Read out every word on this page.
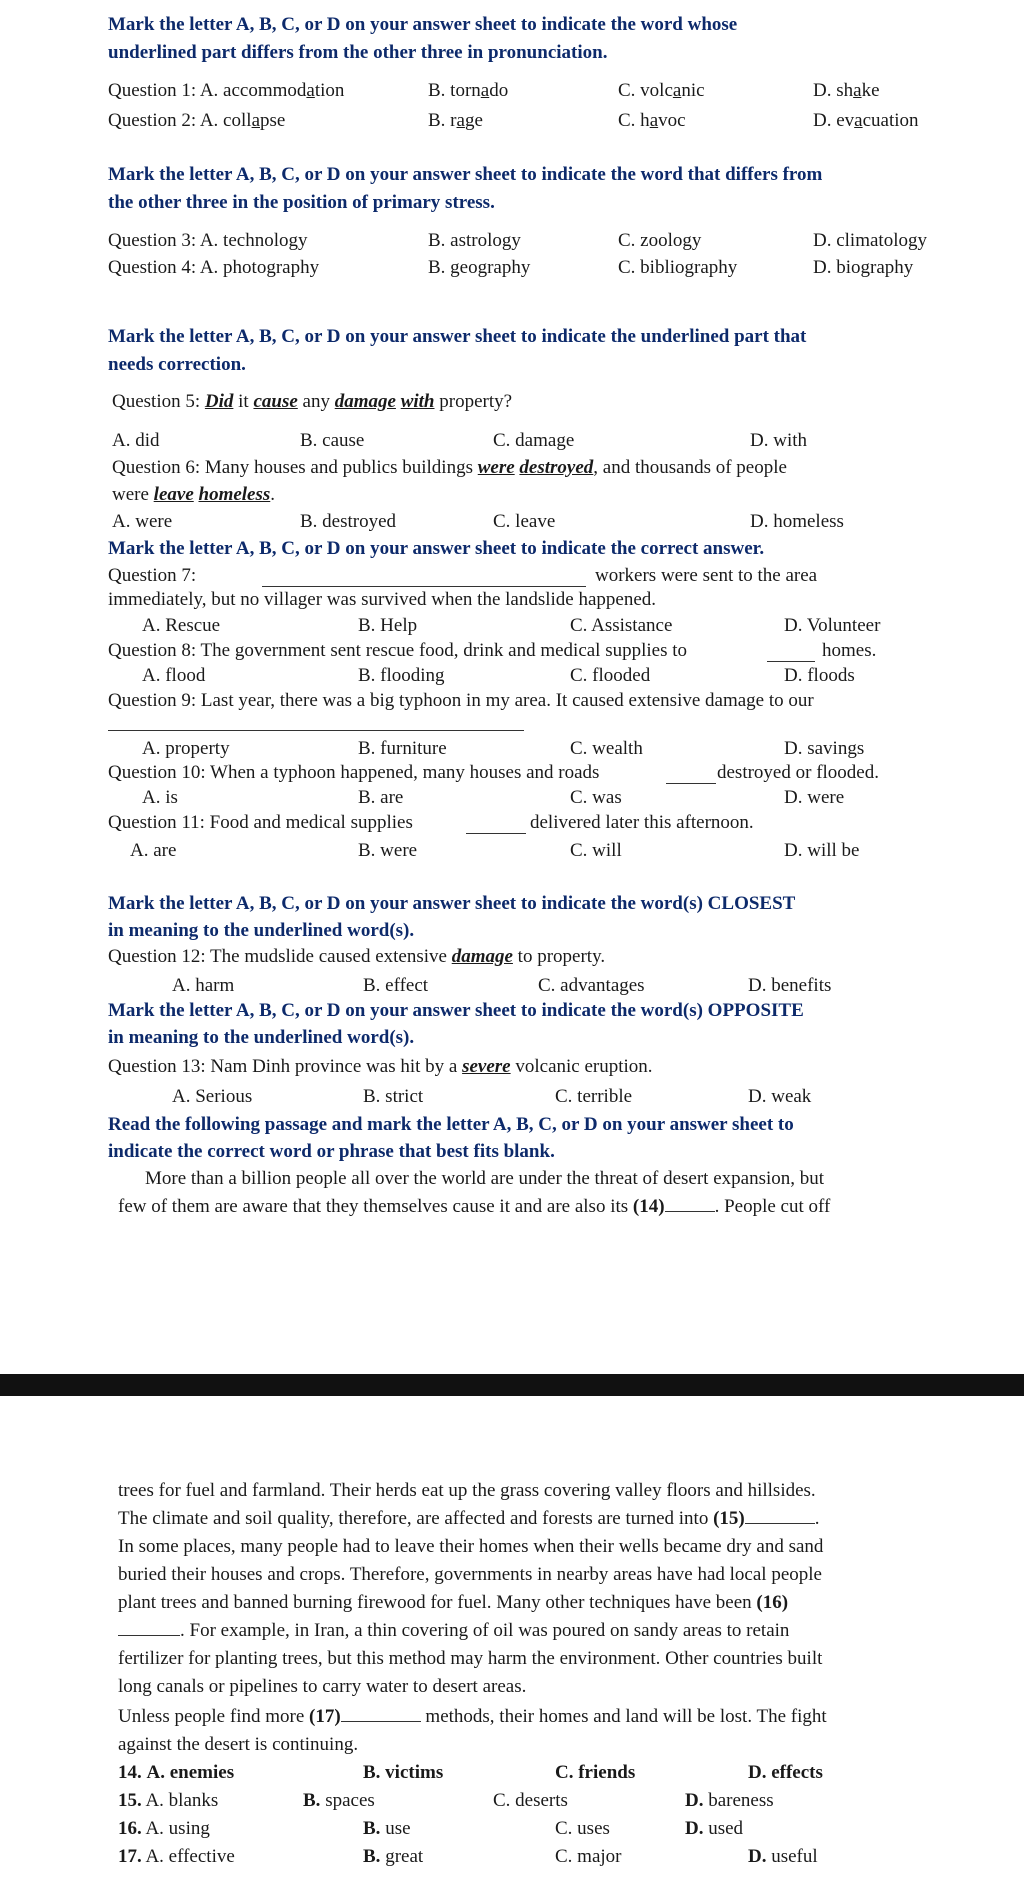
Mark the letter A, B, C, or D on your answer sheet to indicate the word whose
underlined part differs from the other three in pronunciation.
Question 1: A. accommodation	B. tornado	C. volcanic	D. shake
Question 2: A. collapse	B. rage	C. havoc	D. evacuation
Mark the letter A, B, C, or D on your answer sheet to indicate the word that differs from
the other three in the position of primary stress.
Question 3: A. technology	B. astrology	C. zoology	D. climatology
Question 4: A. photography	B. geography	C. bibliography	D. biography
Mark the letter A, B, C, or D on your answer sheet to indicate the underlined part that
needs correction.
Question 5: Did it cause any damage with property?
A. did	B. cause	C. damage	D. with
Question 6: Many houses and publics buildings were destroyed, and thousands of people
were leave homeless.
A. were	B. destroyed	C. leave	D. homeless
Mark the letter A, B, C, or D on your answer sheet to indicate the correct answer.
Question 7:	workers were sent to the area
immediately, but no villager was survived when the landslide happened.
A. Rescue	B. Help	C. Assistance	D. Volunteer
Question 8: The government sent rescue food, drink and medical supplies to	homes.
A. flood	B. flooding	C. flooded	D. floods
Question 9: Last year, there was a big typhoon in my area. It caused extensive damage to our
A. property	B. furniture	C. wealth	D. savings
Question 10: When a typhoon happened, many houses and roads	destroyed or flooded.
A. is	B. are	C. was	D. were
Question 11: Food and medical supplies	delivered later this afternoon.
A. are	B. were	C. will	D. will be
Mark the letter A, B, C, or D on your answer sheet to indicate the word(s) CLOSEST
in meaning to the underlined word(s).
Question 12: The mudslide caused extensive damage to property.
A. harm	B. effect	C. advantages	D. benefits
Mark the letter A, B, C, or D on your answer sheet to indicate the word(s) OPPOSITE
in meaning to the underlined word(s).
Question 13: Nam Dinh province was hit by a severe volcanic eruption.
A. Serious	B. strict	C. terrible	D. weak
Read the following passage and mark the letter A, B, C, or D on your answer sheet to
indicate the correct word or phrase that best fits blank.
More than a billion people all over the world are under the threat of desert expansion, but
few of them are aware that they themselves cause it and are also its (14)	. People cut off
trees for fuel and farmland. Their herds eat up the grass covering valley floors and hillsides.
The climate and soil quality, therefore, are affected and forests are turned into (15)	.
In some places, many people had to leave their homes when their wells became dry and sand
buried their houses and crops. Therefore, governments in nearby areas have had local people
plant trees and banned burning firewood for fuel. Many other techniques have been (16)
. For example, in Iran, a thin covering of oil was poured on sandy areas to retain
fertilizer for planting trees, but this method may harm the environment. Other countries built
long canals or pipelines to carry water to desert areas.
Unless people find more (17)	methods, their homes and land will be lost. The fight
against the desert is continuing.
14. A. enemies	B. victims	C. friends	D. effects
15. A. blanks	B. spaces	C. deserts	D. bareness
16. A. using	B. use	C. uses	D. used
17. A. effective	B. great	C. major	D. useful
